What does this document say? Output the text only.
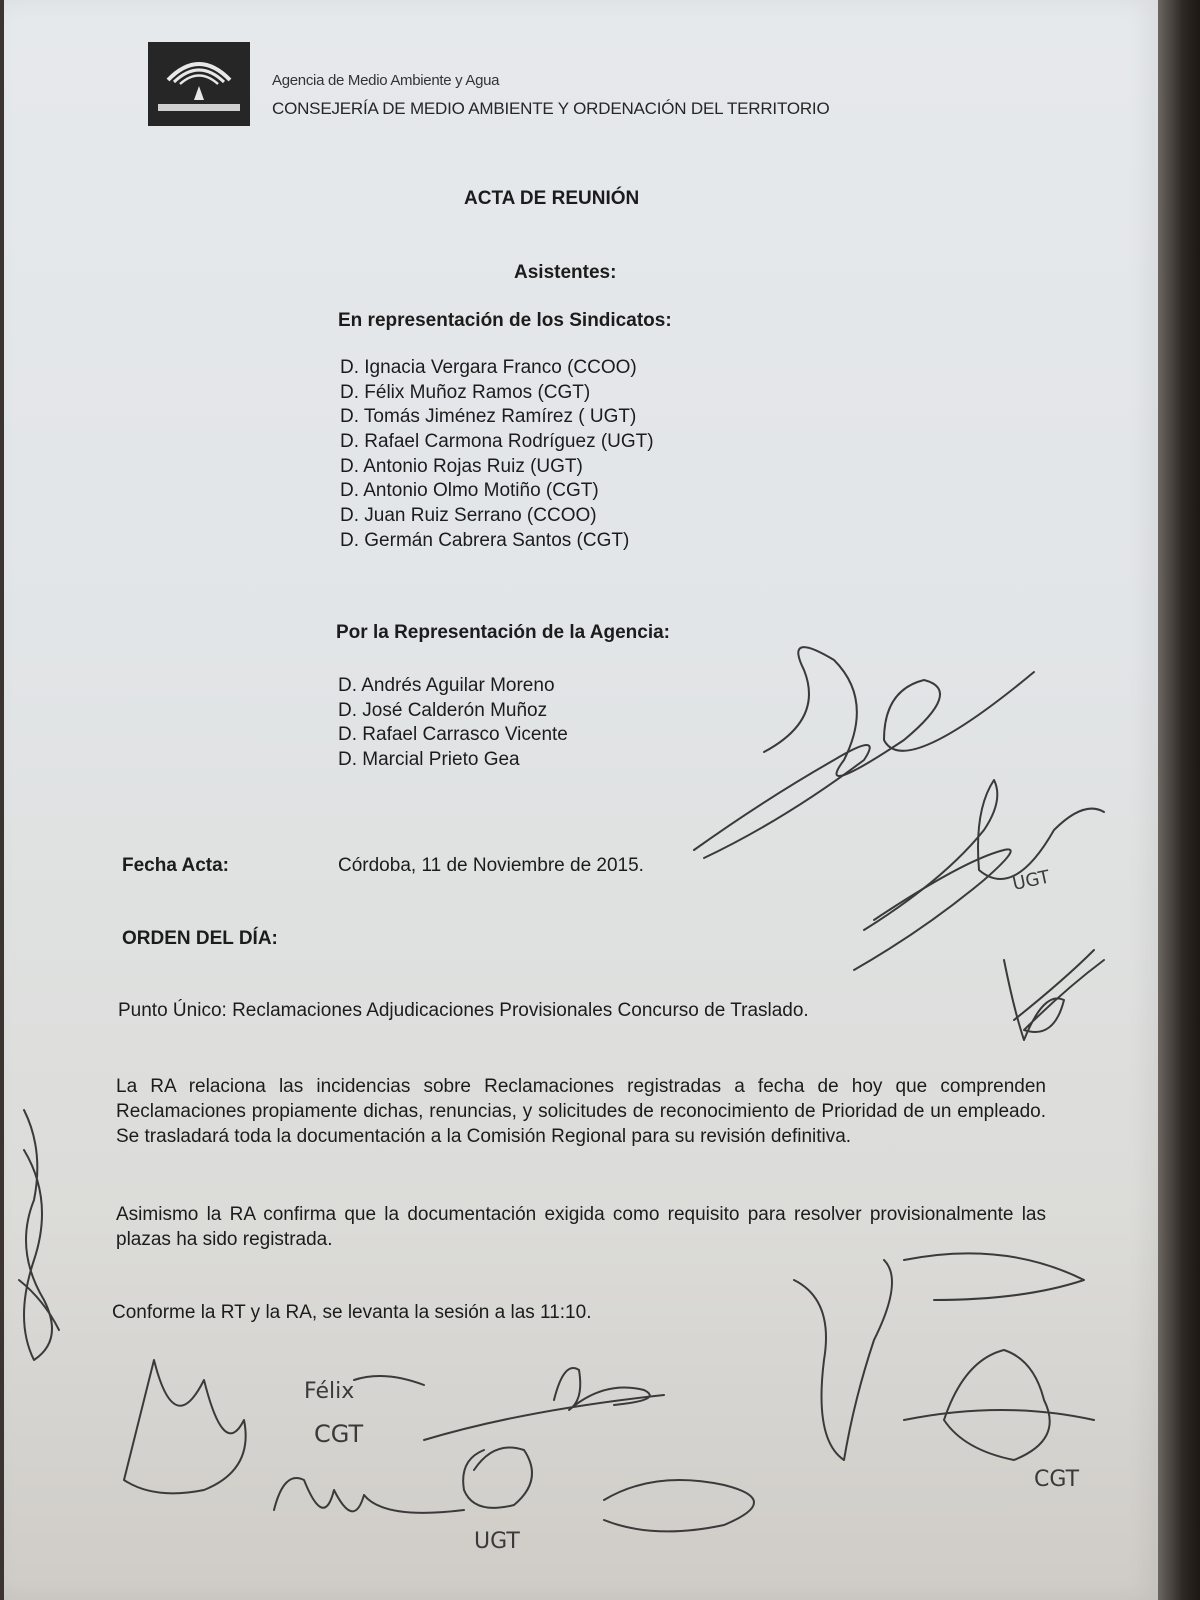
Agencia de Medio Ambiente y Agua
CONSEJERÍA DE MEDIO AMBIENTE Y ORDENACIÓN DEL TERRITORIO
ACTA DE REUNIÓN
Asistentes:
En representación de los Sindicatos:
D. Ignacia Vergara Franco (CCOO)
D. Félix Muñoz Ramos (CGT)
D. Tomás Jiménez Ramírez ( UGT)
D. Rafael Carmona Rodríguez (UGT)
D. Antonio Rojas Ruiz (UGT)
D. Antonio Olmo Motiño (CGT)
D. Juan Ruiz Serrano (CCOO)
D. Germán Cabrera Santos (CGT)
Por la Representación de la Agencia:
D. Andrés Aguilar Moreno
D. José Calderón Muñoz
D. Rafael Carrasco Vicente
D. Marcial Prieto Gea
Fecha Acta:	Córdoba, 11 de Noviembre de 2015.
ORDEN DEL DÍA:
Punto Único: Reclamaciones Adjudicaciones Provisionales Concurso de Traslado.

La RA relaciona las incidencias sobre Reclamaciones registradas a fecha de hoy que comprenden Reclamaciones propiamente dichas, renuncias, y solicitudes de reconocimiento de Prioridad de un empleado. Se trasladará toda la documentación a la Comisión Regional para su revisión definitiva.

Asimismo la RA confirma que la documentación exigida como requisito para resolver provisionalmente las plazas ha sido registrada.

Conforme la RT y la RA, se levanta la sesión a las 11:10.
UGT
Félix
CGT
UGT
CGT
